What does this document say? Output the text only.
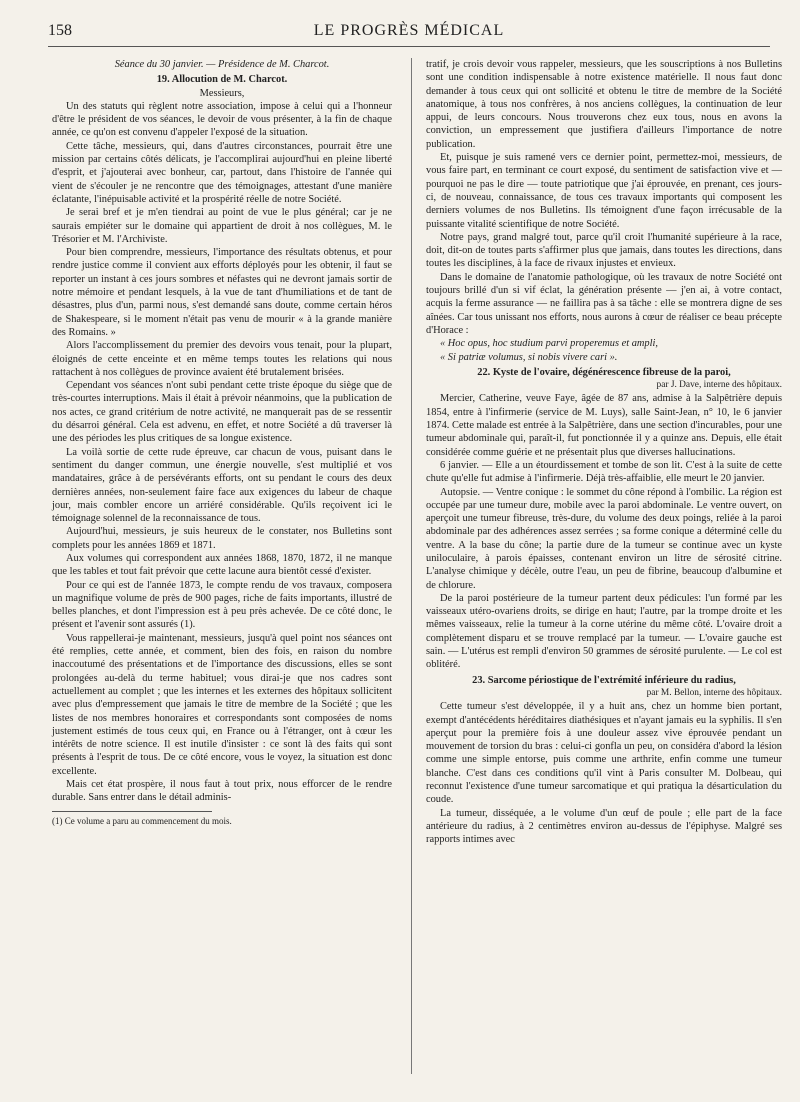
158	LE PROGRÈS MÉDICAL

Séance du 30 janvier. — Présidence de M. Charcot.

19. Allocution de M. Charcot.

Messieurs,

Un des statuts qui règlent notre association, impose à celui qui a l'honneur d'être le président de vos séances, le devoir de vous présenter, à la fin de chaque année, ce qu'on est convenu d'appeler l'exposé de la situation.

Cette tâche, messieurs, qui, dans d'autres circonstances, pourrait être une mission par certains côtés délicats, je l'accomplirai aujourd'hui en pleine liberté d'esprit, et j'ajouterai avec bonheur, car, partout, dans l'histoire de l'année qui vient de s'écouler je ne rencontre que des témoignages, attestant d'une manière éclatante, l'inépuisable activité et la prospérité réelle de notre Société.

Je serai bref et je m'en tiendrai au point de vue le plus général; car je ne saurais empiéter sur le domaine qui appartient de droit à nos collègues, M. le Trésorier et M. l'Archiviste.

Pour bien comprendre, messieurs, l'importance des résultats obtenus, et pour rendre justice comme il convient aux efforts déployés pour les obtenir, il faut se reporter un instant à ces jours sombres et néfastes qui ne devront jamais sortir de notre mémoire et pendant lesquels, à la vue de tant d'humiliations et de tant de désastres, plus d'un, parmi nous, s'est demandé sans doute, comme certain héros de Shakespeare, si le moment n'était pas venu de mourir « à la grande manière des Romains. »

Alors l'accomplissement du premier des devoirs vous tenait, pour la plupart, éloignés de cette enceinte et en même temps toutes les relations qui nous rattachent à nos collègues de province avaient été brutalement brisées.

Cependant vos séances n'ont subi pendant cette triste époque du siège que de très-courtes interruptions. Mais il était à prévoir néanmoins, que la publication de nos actes, ce grand critérium de notre activité, ne manquerait pas de se ressentir du désarroi général. Cela est advenu, en effet, et notre Société a dû traverser là une des périodes les plus critiques de sa longue existence.

La voilà sortie de cette rude épreuve, car chacun de vous, puisant dans le sentiment du danger commun, une énergie nouvelle, s'est multiplié et vos mandataires, grâce à de persévérants efforts, ont su pendant le cours des deux dernières années, non-seulement faire face aux exigences du labeur de chaque jour, mais combler encore un arriéré considérable. Qu'ils reçoivent ici le témoignage solennel de la reconnaissance de tous.

Aujourd'hui, messieurs, je suis heureux de le constater, nos Bulletins sont complets pour les années 1869 et 1871.

Aux volumes qui correspondent aux années 1868, 1870, 1872, il ne manque que les tables et tout fait prévoir que cette lacune aura bientôt cessé d'exister.

Pour ce qui est de l'année 1873, le compte rendu de vos travaux, composera un magnifique volume de près de 900 pages, riche de faits importants, illustré de belles planches, et dont l'impression est à peu près achevée. De ce côté donc, le présent et l'avenir sont assurés (1).

Vous rappellerai-je maintenant, messieurs, jusqu'à quel point nos séances ont été remplies, cette année, et comment, bien des fois, en raison du nombre inaccoutumé des présentations et de l'importance des discussions, elles se sont prolongées au-delà du terme habituel; vous dirai-je que nos cadres sont actuellement au complet ; que les internes et les externes des hôpitaux sollicitent avec plus d'empressement que jamais le titre de membre de la Société ; que les listes de nos membres honoraires et correspondants sont composées de noms justement estimés de tous ceux qui, en France ou à l'étranger, ont à cœur les intérêts de notre science. Il est inutile d'insister : ce sont là des faits qui sont présents à l'esprit de tous. De ce côté encore, vous le voyez, la situation est donc excellente.

Mais cet état prospère, il nous faut à tout prix, nous efforcer de le rendre durable. Sans entrer dans le détail adminis-

(1) Ce volume a paru au commencement du mois.

tratif, je crois devoir vous rappeler, messieurs, que les souscriptions à nos Bulletins sont une condition indispensable à notre existence matérielle. Il nous faut donc demander à tous ceux qui ont sollicité et obtenu le titre de membre de la Société anatomique, à tous nos confrères, à nos anciens collègues, la continuation de leur appui, de leurs concours. Nous trouverons chez eux tous, nous en avons la conviction, un empressement que justifiera d'ailleurs l'importance de notre publication.

Et, puisque je suis ramené vers ce dernier point, permettez-moi, messieurs, de vous faire part, en terminant ce court exposé, du sentiment de satisfaction vive et — pourquoi ne pas le dire — toute patriotique que j'ai éprouvée, en prenant, ces jours-ci, de nouveau, connaissance, de tous ces travaux importants qui composent les derniers volumes de nos Bulletins. Ils témoignent d'une façon irrécusable de la puissante vitalité scientifique de notre Société.

Notre pays, grand malgré tout, parce qu'il croit l'humanité supérieure à la race, doit, dit-on de toutes parts s'affirmer plus que jamais, dans toutes les directions, dans toutes les disciplines, à la face de rivaux injustes et envieux.

Dans le domaine de l'anatomie pathologique, où les travaux de notre Société ont toujours brillé d'un si vif éclat, la génération présente — j'en ai, à votre contact, acquis la ferme assurance — ne faillira pas à sa tâche : elle se montrera digne de ses aînées. Car tous unissant nos efforts, nous aurons à cœur de réaliser ce beau précepte d'Horace :

« Hoc opus, hoc studium parvi properemus et ampli,

« Si patriæ volumus, si nobis vivere cari ».

22. Kyste de l'ovaire, dégénérescence fibreuse de la paroi,

par J. Dave, interne des hôpitaux.

Mercier, Catherine, veuve Faye, âgée de 87 ans, admise à la Salpêtrière depuis 1854, entre à l'infirmerie (service de M. Luys), salle Saint-Jean, n° 10, le 6 janvier 1874. Cette malade est entrée à la Salpêtrière, dans une section d'incurables, pour une tumeur abdominale qui, paraît-il, fut ponctionnée il y a quinze ans. Depuis, elle était considérée comme guérie et ne présentait plus que diverses hallucinations.

6 janvier. — Elle a un étourdissement et tombe de son lit. C'est à la suite de cette chute qu'elle fut admise à l'infirmerie. Déjà très-affaiblie, elle meurt le 20 janvier.

Autopsie. — Ventre conique : le sommet du cône répond à l'ombilic. La région est occupée par une tumeur dure, mobile avec la paroi abdominale. Le ventre ouvert, on aperçoit une tumeur fibreuse, très-dure, du volume des deux poings, reliée à la paroi abdominale par des adhérences assez serrées ; sa forme conique a déterminé celle du ventre. A la base du cône; la partie dure de la tumeur se continue avec un kyste uniloculaire, à parois épaisses, contenant environ un litre de sérosité citrine. L'analyse chimique y décèle, outre l'eau, un peu de fibrine, beaucoup d'albumine et de chlorure.

De la paroi postérieure de la tumeur partent deux pédicules: l'un formé par les vaisseaux utéro-ovariens droits, se dirige en haut; l'autre, par la trompe droite et les mêmes vaisseaux, relie la tumeur à la corne utérine du même côté. L'ovaire droit a complètement disparu et se trouve remplacé par la tumeur. — L'ovaire gauche est sain. — L'utérus est rempli d'environ 50 grammes de sérosité purulente. — Le col est oblitéré.

23. Sarcome périostique de l'extrémité inférieure du radius,

par M. Bellon, interne des hôpitaux.

Cette tumeur s'est développée, il y a huit ans, chez un homme bien portant, exempt d'antécédents héréditaires diathésiques et n'ayant jamais eu la syphilis. Il s'en aperçut pour la première fois à une douleur assez vive éprouvée pendant un mouvement de torsion du bras : celui-ci gonfla un peu, on considéra d'abord la lésion comme une simple entorse, puis comme une arthrite, enfin comme une tumeur blanche. C'est dans ces conditions qu'il vint à Paris consulter M. Dolbeau, qui reconnut l'existence d'une tumeur sarcomatique et qui pratiqua la désarticulation du coude.

La tumeur, disséquée, a le volume d'un œuf de poule ; elle part de la face antérieure du radius, à 2 centimètres environ au-dessus de l'épiphyse. Malgré ses rapports intimes avec
